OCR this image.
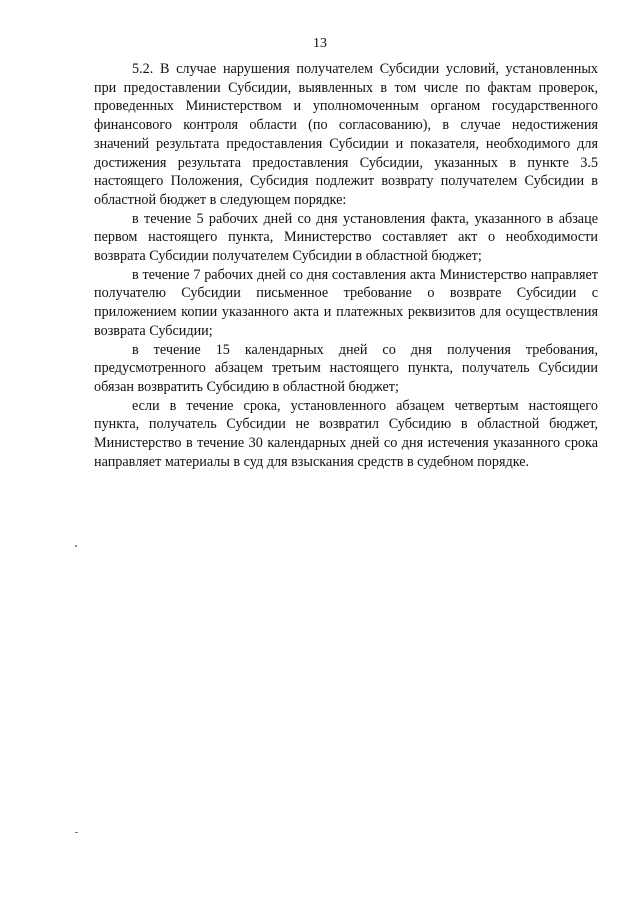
13

5.2. В случае нарушения получателем Субсидии условий, установленных при предоставлении Субсидии, выявленных в том числе по фактам проверок, проведенных Министерством и уполномоченным органом государственного финансового контроля области (по согласованию), в случае недостижения значений результата предоставления Субсидии и показателя, необходимого для достижения результата предоставления Субсидии, указанных в пункте 3.5 настоящего Положения, Субсидия подлежит возврату получателем Субсидии в областной бюджет в следующем порядке:

в течение 5 рабочих дней со дня установления факта, указанного в абзаце первом настоящего пункта, Министерство составляет акт о необходимости возврата Субсидии получателем Субсидии в областной бюджет;

в течение 7 рабочих дней со дня составления акта Министерство направляет получателю Субсидии письменное требование о возврате Субсидии с приложением копии указанного акта и платежных реквизитов для осуществления возврата Субсидии;

в течение 15 календарных дней со дня получения требования, предусмотренного абзацем третьим настоящего пункта, получатель Субсидии обязан возвратить Субсидию в областной бюджет;

если в течение срока, установленного абзацем четвертым настоящего пункта, получатель Субсидии не возвратил Субсидию в областной бюджет, Министерство в течение 30 календарных дней со дня истечения указанного срока направляет материалы в суд для взыскания средств в судебном порядке.
